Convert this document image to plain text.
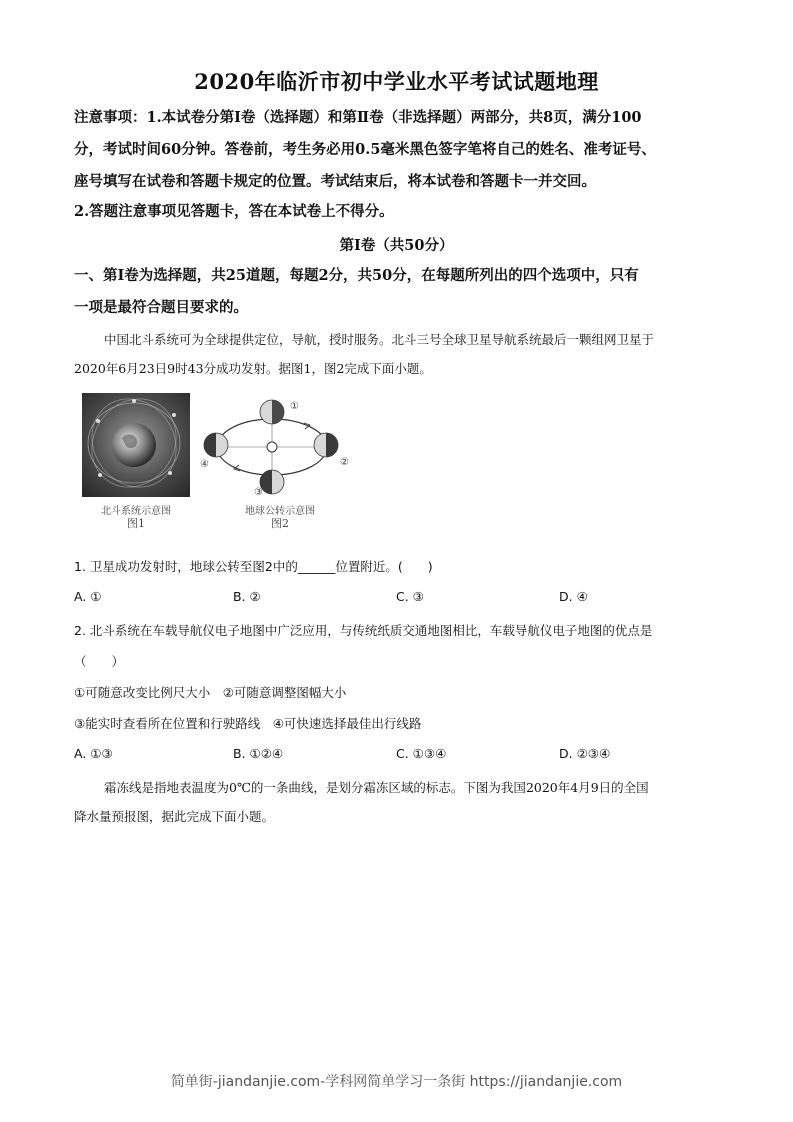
2020年临沂市初中学业水平考试试题地理
注意事项：1.本试卷分第Ⅰ卷（选择题）和第Ⅱ卷（非选择题）两部分，共8页，满分100
分，考试时间60分钟。答卷前，考生务必用0.5毫米黑色签字笔将自己的姓名、准考证号、
座号填写在试卷和答题卡规定的位置。考试结束后，将本试卷和答题卡一并交回。
2.答题注意事项见答题卡，答在本试卷上不得分。
第Ⅰ卷（共50分）
一、第Ⅰ卷为选择题，共25道题，每题2分，共50分，在每题所列出的四个选项中，只有
一项是最符合题目要求的。
中国北斗系统可为全球提供定位，导航，授时服务。北斗三号全球卫星导航系统最后一颗组网卫星于
2020年6月23日9时43分成功发射。据图1，图2完成下面小题。
北斗系统示意图
图1
①
②
③
④
地球公转示意图
图2
1. 卫星成功发射时，地球公转至图2中的______位置附近。(　　)
A. ①	B. ②	C. ③	D. ④
2. 北斗系统在车载导航仪电子地图中广泛应用，与传统纸质交通地图相比，车载导航仪电子地图的优点是
（　　）
①可随意改变比例尺大小　②可随意调整图幅大小
③能实时查看所在位置和行驶路线　④可快速选择最佳出行线路
A. ①③	B. ①②④	C. ①③④	D. ②③④
霜冻线是指地表温度为0℃的一条曲线，是划分霜冻区域的标志。下图为我国2020年4月9日的全国
降水量预报图，据此完成下面小题。
简单街-jiandanjie.com-学科网简单学习一条街 https://jiandanjie.com
